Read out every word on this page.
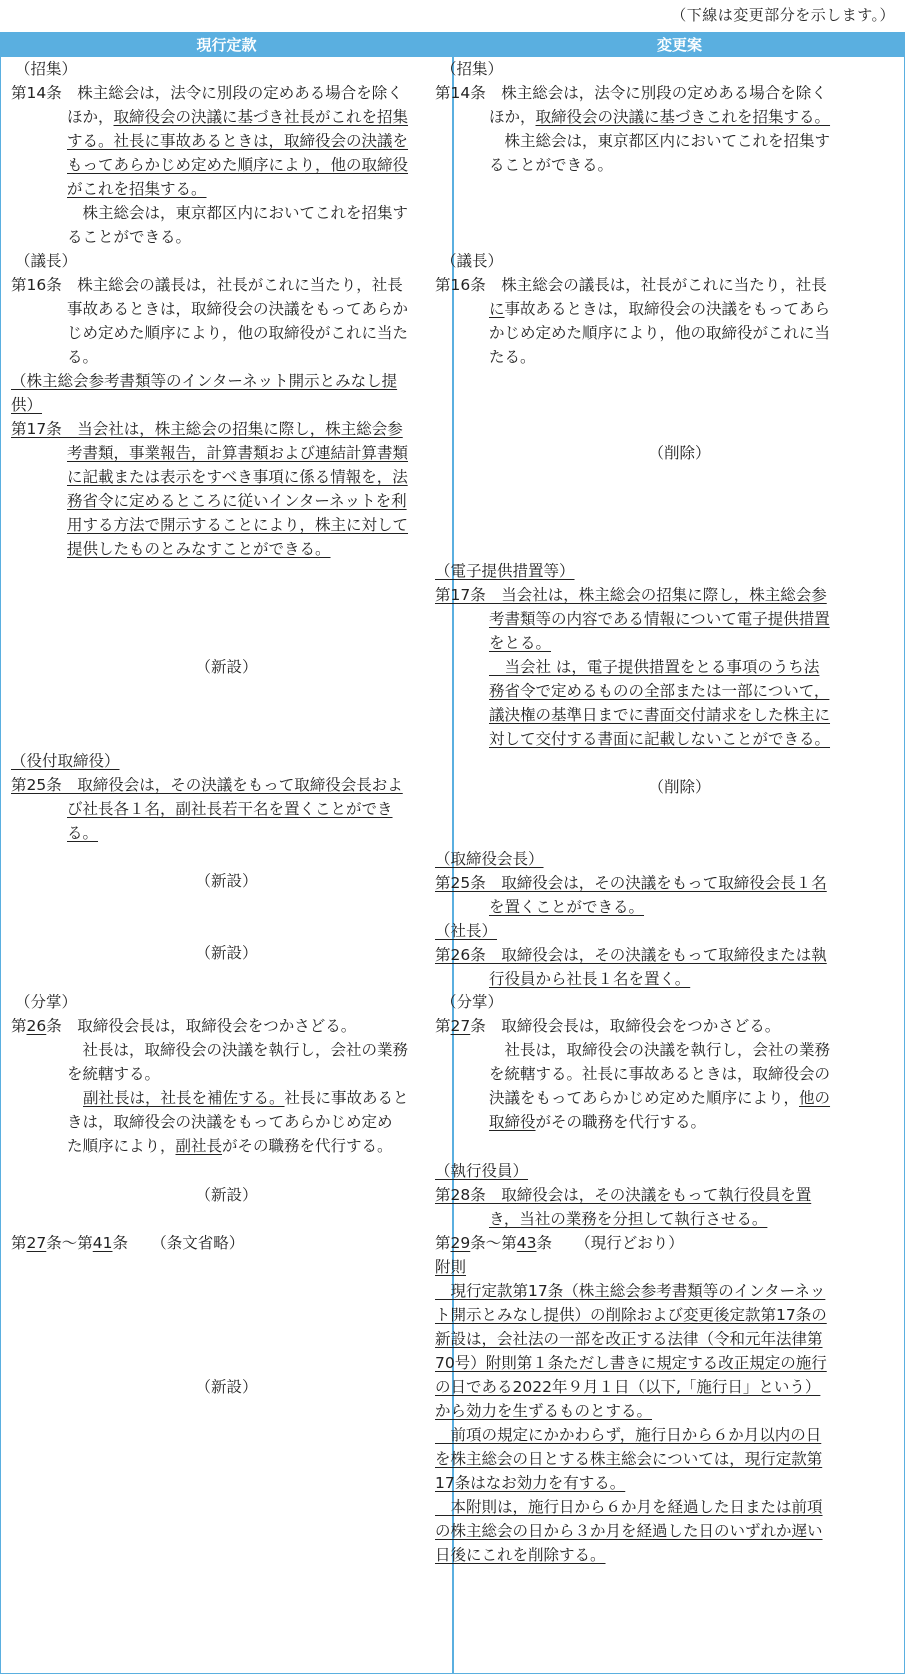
（下線は変更部分を示します。）
現行定款	変更案
（招集）
第14条　株主総会は，法令に別段の定めある場合を除く
ほか，取締役会の決議に基づき社長がこれを招集
する。社長に事故あるときは，取締役会の決議を
もってあらかじめ定めた順序により，他の取締役
がこれを招集する。
　株主総会は，東京都区内においてこれを招集す
ることができる。
（議長）
第16条　株主総会の議長は，社長がこれに当たり，社長
事故あるときは，取締役会の決議をもってあらか
じめ定めた順序により，他の取締役がこれに当た
る。
（株主総会参考書類等のインターネット開示とみなし提
供）
第17条　当会社は，株主総会の招集に際し，株主総会参
考書類，事業報告，計算書類および連結計算書類
に記載または表示をすべき事項に係る情報を，法
務省令に定めるところに従いインターネットを利
用する方法で開示することにより，株主に対して
提供したものとみなすことができる。
（新設）
（役付取締役）
第25条　取締役会は，その決議をもって取締役会長およ
び社長各１名，副社長若干名を置くことができ
る。
（新設）
（新設）
（分掌）
第26条　取締役会長は，取締役会をつかさどる。
　社長は，取締役会の決議を執行し，会社の業務
を統轄する。
副社長は，社長を補佐する。社長に事故あると
きは，取締役会の決議をもってあらかじめ定め
た順序により，副社長がその職務を代行する。
（新設）
第27条～第41条　　（条文省略）
（新設）
（招集）
第14条　株主総会は，法令に別段の定めある場合を除く
ほか，取締役会の決議に基づきこれを招集する。
　株主総会は，東京都区内においてこれを招集す
ることができる。
（議長）
第16条　株主総会の議長は，社長がこれに当たり，社長
に事故あるときは，取締役会の決議をもってあら
かじめ定めた順序により，他の取締役がこれに当
たる。
（削除）
（電子提供措置等）
第17条　当会社は，株主総会の招集に際し，株主総会参
考書類等の内容である情報について電子提供措置
をとる。
　当会社 は，電子提供措置をとる事項のうち法
務省令で定めるものの全部または一部について，
議決権の基準日までに書面交付請求をした株主に
対して交付する書面に記載しないことができる。
（削除）
（取締役会長）
第25条　取締役会は，その決議をもって取締役会長１名
を置くことができる。
（社長）
第26条　取締役会は，その決議をもって取締役または執
行役員から社長１名を置く。
（分掌）
第27条　取締役会長は，取締役会をつかさどる。
　社長は，取締役会の決議を執行し，会社の業務
を統轄する。社長に事故あるときは，取締役会の
決議をもってあらかじめ定めた順序により，他の
取締役がその職務を代行する。
（執行役員）
第28条　取締役会は，その決議をもって執行役員を置
き，当社の業務を分担して執行させる。
第29条～第43条　　（現行どおり）
附則
　現行定款第17条（株主総会参考書類等のインターネッ
ト開示とみなし提供）の削除および変更後定款第17条の
新設は，会社法の一部を改正する法律（令和元年法律第
70号）附則第１条ただし書きに規定する改正規定の施行
の日である2022年９月１日（以下,「施行日」という）
から効力を生ずるものとする。
　前項の規定にかかわらず，施行日から６か月以内の日
を株主総会の日とする株主総会については，現行定款第
17条はなお効力を有する。
　本附則は，施行日から６か月を経過した日または前項
の株主総会の日から３か月を経過した日のいずれか遅い
日後にこれを削除する。
